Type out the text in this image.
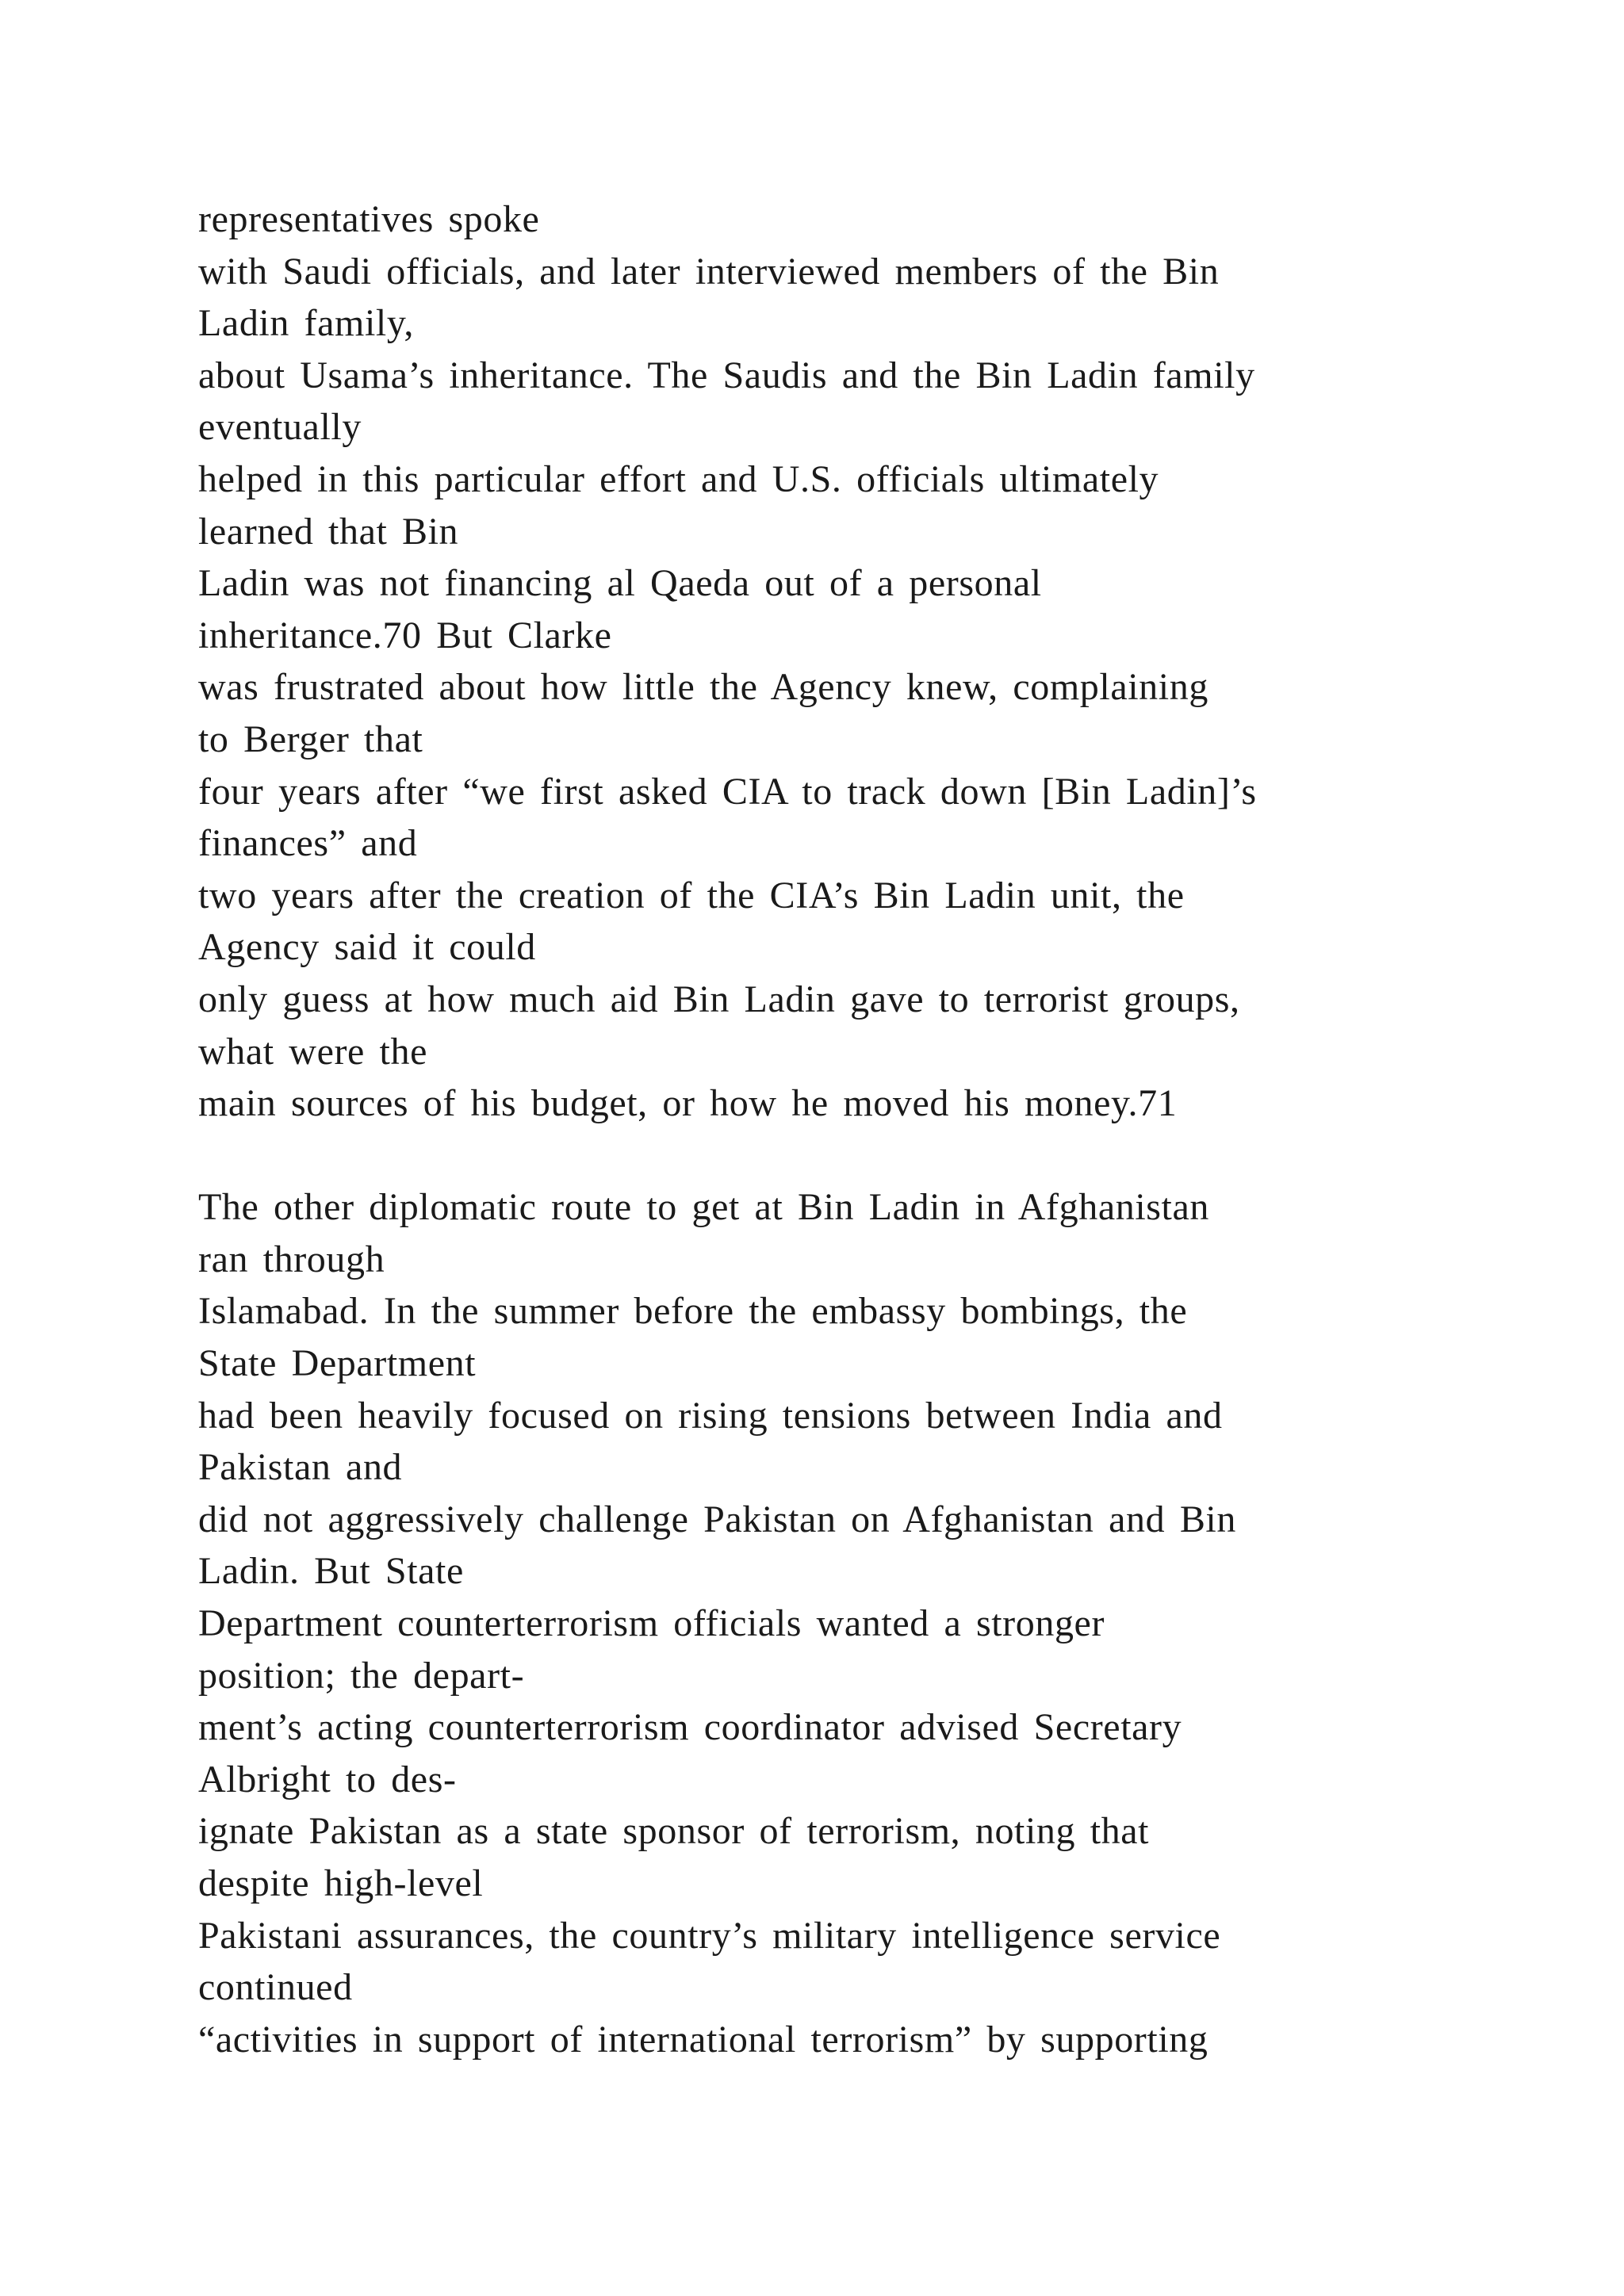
representatives spoke
with Saudi officials, and later interviewed members of the Bin
Ladin family,
about Usama’s inheritance. The Saudis and the Bin Ladin family
eventually
helped in this particular effort and U.S. officials ultimately
learned that Bin
Ladin was not financing al Qaeda out of a personal
inheritance.70 But Clarke
was frustrated about how little the Agency knew, complaining
to Berger that
four years after “we first asked CIA to track down [Bin Ladin]’s
finances” and
two years after the creation of the CIA’s Bin Ladin unit, the
Agency said it could
only guess at how much aid Bin Ladin gave to terrorist groups,
what were the
main sources of his budget, or how he moved his money.71
The other diplomatic route to get at Bin Ladin in Afghanistan
ran through
Islamabad. In the summer before the embassy bombings, the
State Department
had been heavily focused on rising tensions between India and
Pakistan and
did not aggressively challenge Pakistan on Afghanistan and Bin
Ladin. But State
Department counterterrorism officials wanted a stronger
position; the depart-
ment’s acting counterterrorism coordinator advised Secretary
Albright to des-
ignate Pakistan as a state sponsor of terrorism, noting that
despite high-level
Pakistani assurances, the country’s military intelligence service
continued
“activities in support of international terrorism” by supporting
